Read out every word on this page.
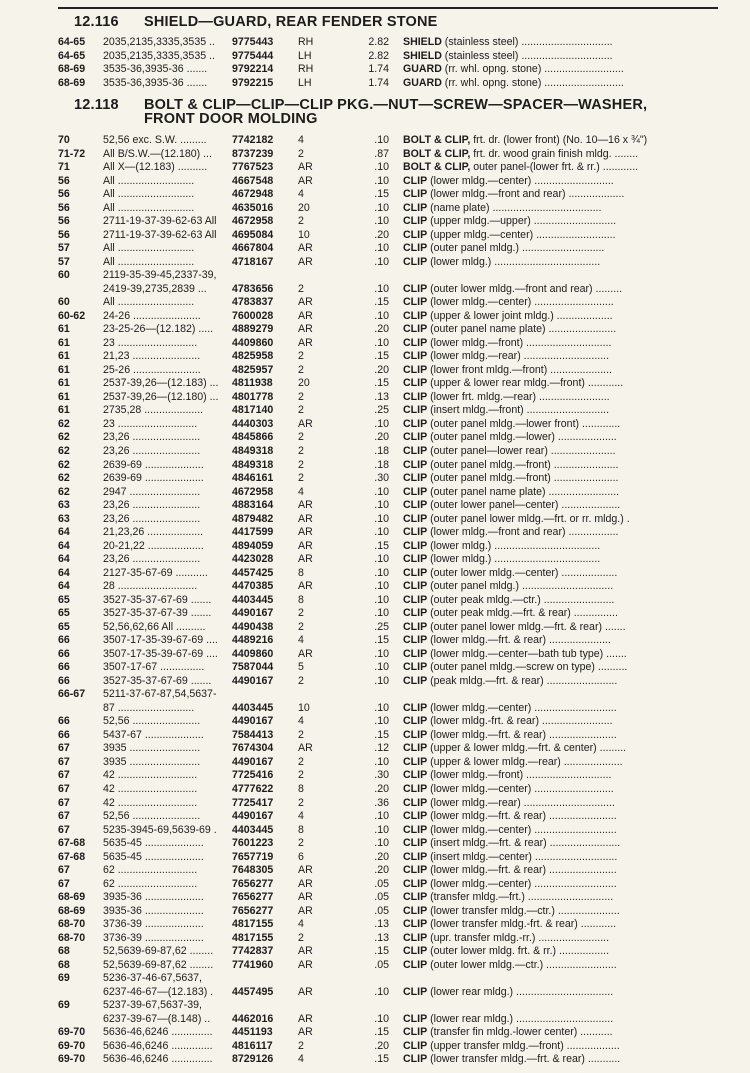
12.116 SHIELD—GUARD, REAR FENDER STONE
12.118 BOLT & CLIP—CLIP—CLIP PKG.—NUT—SCREW—SPACER—WASHER,
FRONT DOOR MOLDING
64-65	2035,2135,3335,3535 ..	9775443	RH	2.82 SHIELD (stainless steel) ...............................
64-65	2035,2135,3335,3535 ..	9775444	LH	2.82 SHIELD (stainless steel) ...............................
68-69	3535-36,3935-36 .......	9792214	RH	1.74 GUARD (rr. whl. opng. stone) ...........................
68-69	3535-36,3935-36 .......	9792215	LH	1.74 GUARD (rr. whl. opng. stone) ...........................
70	52,56 exc. S.W. .........	7742182	4	.10 BOLT & CLIP, frt. dr. (lower front) (No. 10—16 x ¾")
71-72	All B/S.W.—(12.180) ...	8737239	2	.87 BOLT & CLIP, frt. dr. wood grain finish mldg. ........
71	All X—(12.183) ..........	7767523	AR	.10 BOLT & CLIP, outer panel-(lower frt. & rr.) ............
56	All ..........................	4667548	AR	.10 CLIP (lower mldg.—center) ...........................
56	All ..........................	4672948	4	.15 CLIP (lower mldg.—front and rear) ...................
56	All ..........................	4635016	20	.10 CLIP (name plate) .....................................
56	2711-19-37-39-62-63 All	4672958	2	.10 CLIP (upper mldg.—upper) ............................
56	2711-19-37-39-62-63 All	4695084	10	.20 CLIP (upper mldg.—center) ...........................
57	All ..........................	4667804	AR	.10 CLIP (outer panel mldg.) ............................
57	All ..........................	4718167	AR	.10 CLIP (lower mldg.) ....................................
60	2119-35-39-45,2337-39,
2419-39,2735,2839 ...	4783656	2	.10 CLIP (outer lower mldg.—front and rear) .........
60	All ..........................	4783837	AR	.15 CLIP (lower mldg.—center) ...........................
60-62	24-26 .......................	7600028	AR	.10 CLIP (upper & lower joint mldg.) ...................
61	23-25-26—(12.182) .....	4889279	AR	.20 CLIP (outer panel name plate) .......................
61	23 ...........................	4409860	AR	.10 CLIP (lower mldg.—front) .............................
61	21,23 .......................	4825958	2	.15 CLIP (lower mldg.—rear) .............................
61	25-26 .......................	4825957	2	.20 CLIP (lower front mldg.—front) .....................
61	2537-39,26—(12.183) ...	4811938	20	.15 CLIP (upper & lower rear mldg.—front) ............
61	2537-39,26—(12.180) ...	4801778	2	.13 CLIP (lower frt. mldg.—rear) ........................
61	2735,28 ....................	4817140	2	.25 CLIP (insert mldg.—front) ............................
62	23 ...........................	4440303	AR	.10 CLIP (outer panel mldg.—lower front) .............
62	23,26 .......................	4845866	2	.20 CLIP (outer panel mldg.—lower) ....................
62	23,26 .......................	4849318	2	.18 CLIP (outer panel—lower rear) ......................
62	2639-69 ....................	4849318	2	.18 CLIP (outer panel mldg.—front) ......................
62	2639-69 ....................	4846161	2	.30 CLIP (outer panel mldg.—front) ......................
62	2947 ........................	4672958	4	.10 CLIP (outer panel name plate) ........................
63	23,26 .......................	4883164	AR	.10 CLIP (outer lower panel—center) ....................
63	23,26 .......................	4879482	AR	.10 CLIP (outer panel lower mldg.—frt. or rr. mldg.) .
64	21,23,26 ...................	4417599	AR	.10 CLIP (lower mldg.—front and rear) .................
64	20-21,22 ...................	4894059	AR	.15 CLIP (lower mldg.) ....................................
64	23,26 .......................	4423028	AR	.10 CLIP (lower mldg.) ....................................
64	2127-35-67-69 ...........	4457425	8	.10 CLIP (outer lower mldg.—center) ...................
64	28 ...........................	4470385	AR	.10 CLIP (outer panel mldg.) ...............................
65	3527-35-37-67-69 .......	4403445	8	.10 CLIP (outer peak mldg.—ctr.) ........................
65	3527-35-37-67-39 .......	4490167	2	.10 CLIP (outer peak mldg.—frt. & rear) ...............
65	52,56,62,66 All ..........	4490438	2	.25 CLIP (outer panel lower mldg.—frt. & rear) .......
66	3507-17-35-39-67-69 ....	4489216	4	.15 CLIP (lower mldg.—frt. & rear) .....................
66	3507-17-35-39-67-69 ....	4409860	AR	.10 CLIP (lower mldg.—center—bath tub type) .......
66	3507-17-67 ...............	7587044	5	.10 CLIP (outer panel mldg.—screw on type) ..........
66	3527-35-37-67-69 .......	4490167	2	.10 CLIP (peak mldg.—frt. & rear) ........................
66-67	5211-37-67-87,54,5637-
87 ..........................	4403445	10	.10 CLIP (lower mldg.—center) ............................
66	52,56 .......................	4490167	4	.10 CLIP (lower mldg.-frt. & rear) ........................
66	5437-67 ....................	7584413	2	.15 CLIP (lower mldg.—frt. & rear) .......................
67	3935 ........................	7674304	AR	.12 CLIP (upper & lower mldg.—frt. & center) .........
67	3935 ........................	4490167	2	.10 CLIP (upper & lower mldg.—rear) ....................
67	42 ...........................	7725416	2	.30 CLIP (lower mldg.—front) .............................
67	42 ...........................	4777622	8	.20 CLIP (lower mldg.—center) ...........................
67	42 ...........................	7725417	2	.36 CLIP (lower mldg.—rear) ...............................
67	52,56 .......................	4490167	4	.10 CLIP (lower mldg.—frt. & rear) .......................
67	5235-3945-69,5639-69 .	4403445	8	.10 CLIP (lower mldg.—center) ............................
67-68	5635-45 ....................	7601223	2	.10 CLIP (insert mldg.—frt. & rear) ........................
67-68	5635-45 ....................	7657719	6	.20 CLIP (insert mldg.—center) ............................
67	62 ...........................	7648305	AR	.20 CLIP (lower mldg.—frt. & rear) .......................
67	62 ...........................	7656277	AR	.05 CLIP (lower mldg.—center) ............................
68-69	3935-36 ....................	7656277	AR	.05 CLIP (transfer mldg.—frt.) .............................
68-69	3935-36 ....................	7656277	AR	.05 CLIP (lower transfer mldg.—ctr.) .....................
68-70	3736-39 ....................	4817155	4	.13 CLIP (lower transfer mldg.-frt. & rear) ............
68-70	3736-39 ....................	4817155	2	.13 CLIP (upr. transfer mldg.-rr.) ........................
68	52,5639-69-87,62 ........	7742837	AR	.15 CLIP (outer lower mldg. frt. & rr.) .................
68	52,5639-69-87,62 ........	7741960	AR	.05 CLIP (outer lower mldg.—ctr.) ........................
69	5236-37-46-67,5637,
6237-46-67—(12.183) .	4457495	AR	.10 CLIP (lower rear mldg.) .................................
69	5237-39-67,5637-39,
6237-39-67—(8.148) ..	4462016	AR	.10 CLIP (lower rear mldg.) .................................
69-70	5636-46,6246 ..............	4451193	AR	.15 CLIP (transfer fin mldg.-lower center) ...........
69-70	5636-46,6246 ..............	4816117	2	.20 CLIP (upper transfer mldg.—front) ..................
69-70	5636-46,6246 ..............	8729126	4	.15 CLIP (lower transfer mldg.—frt. & rear) ...........
